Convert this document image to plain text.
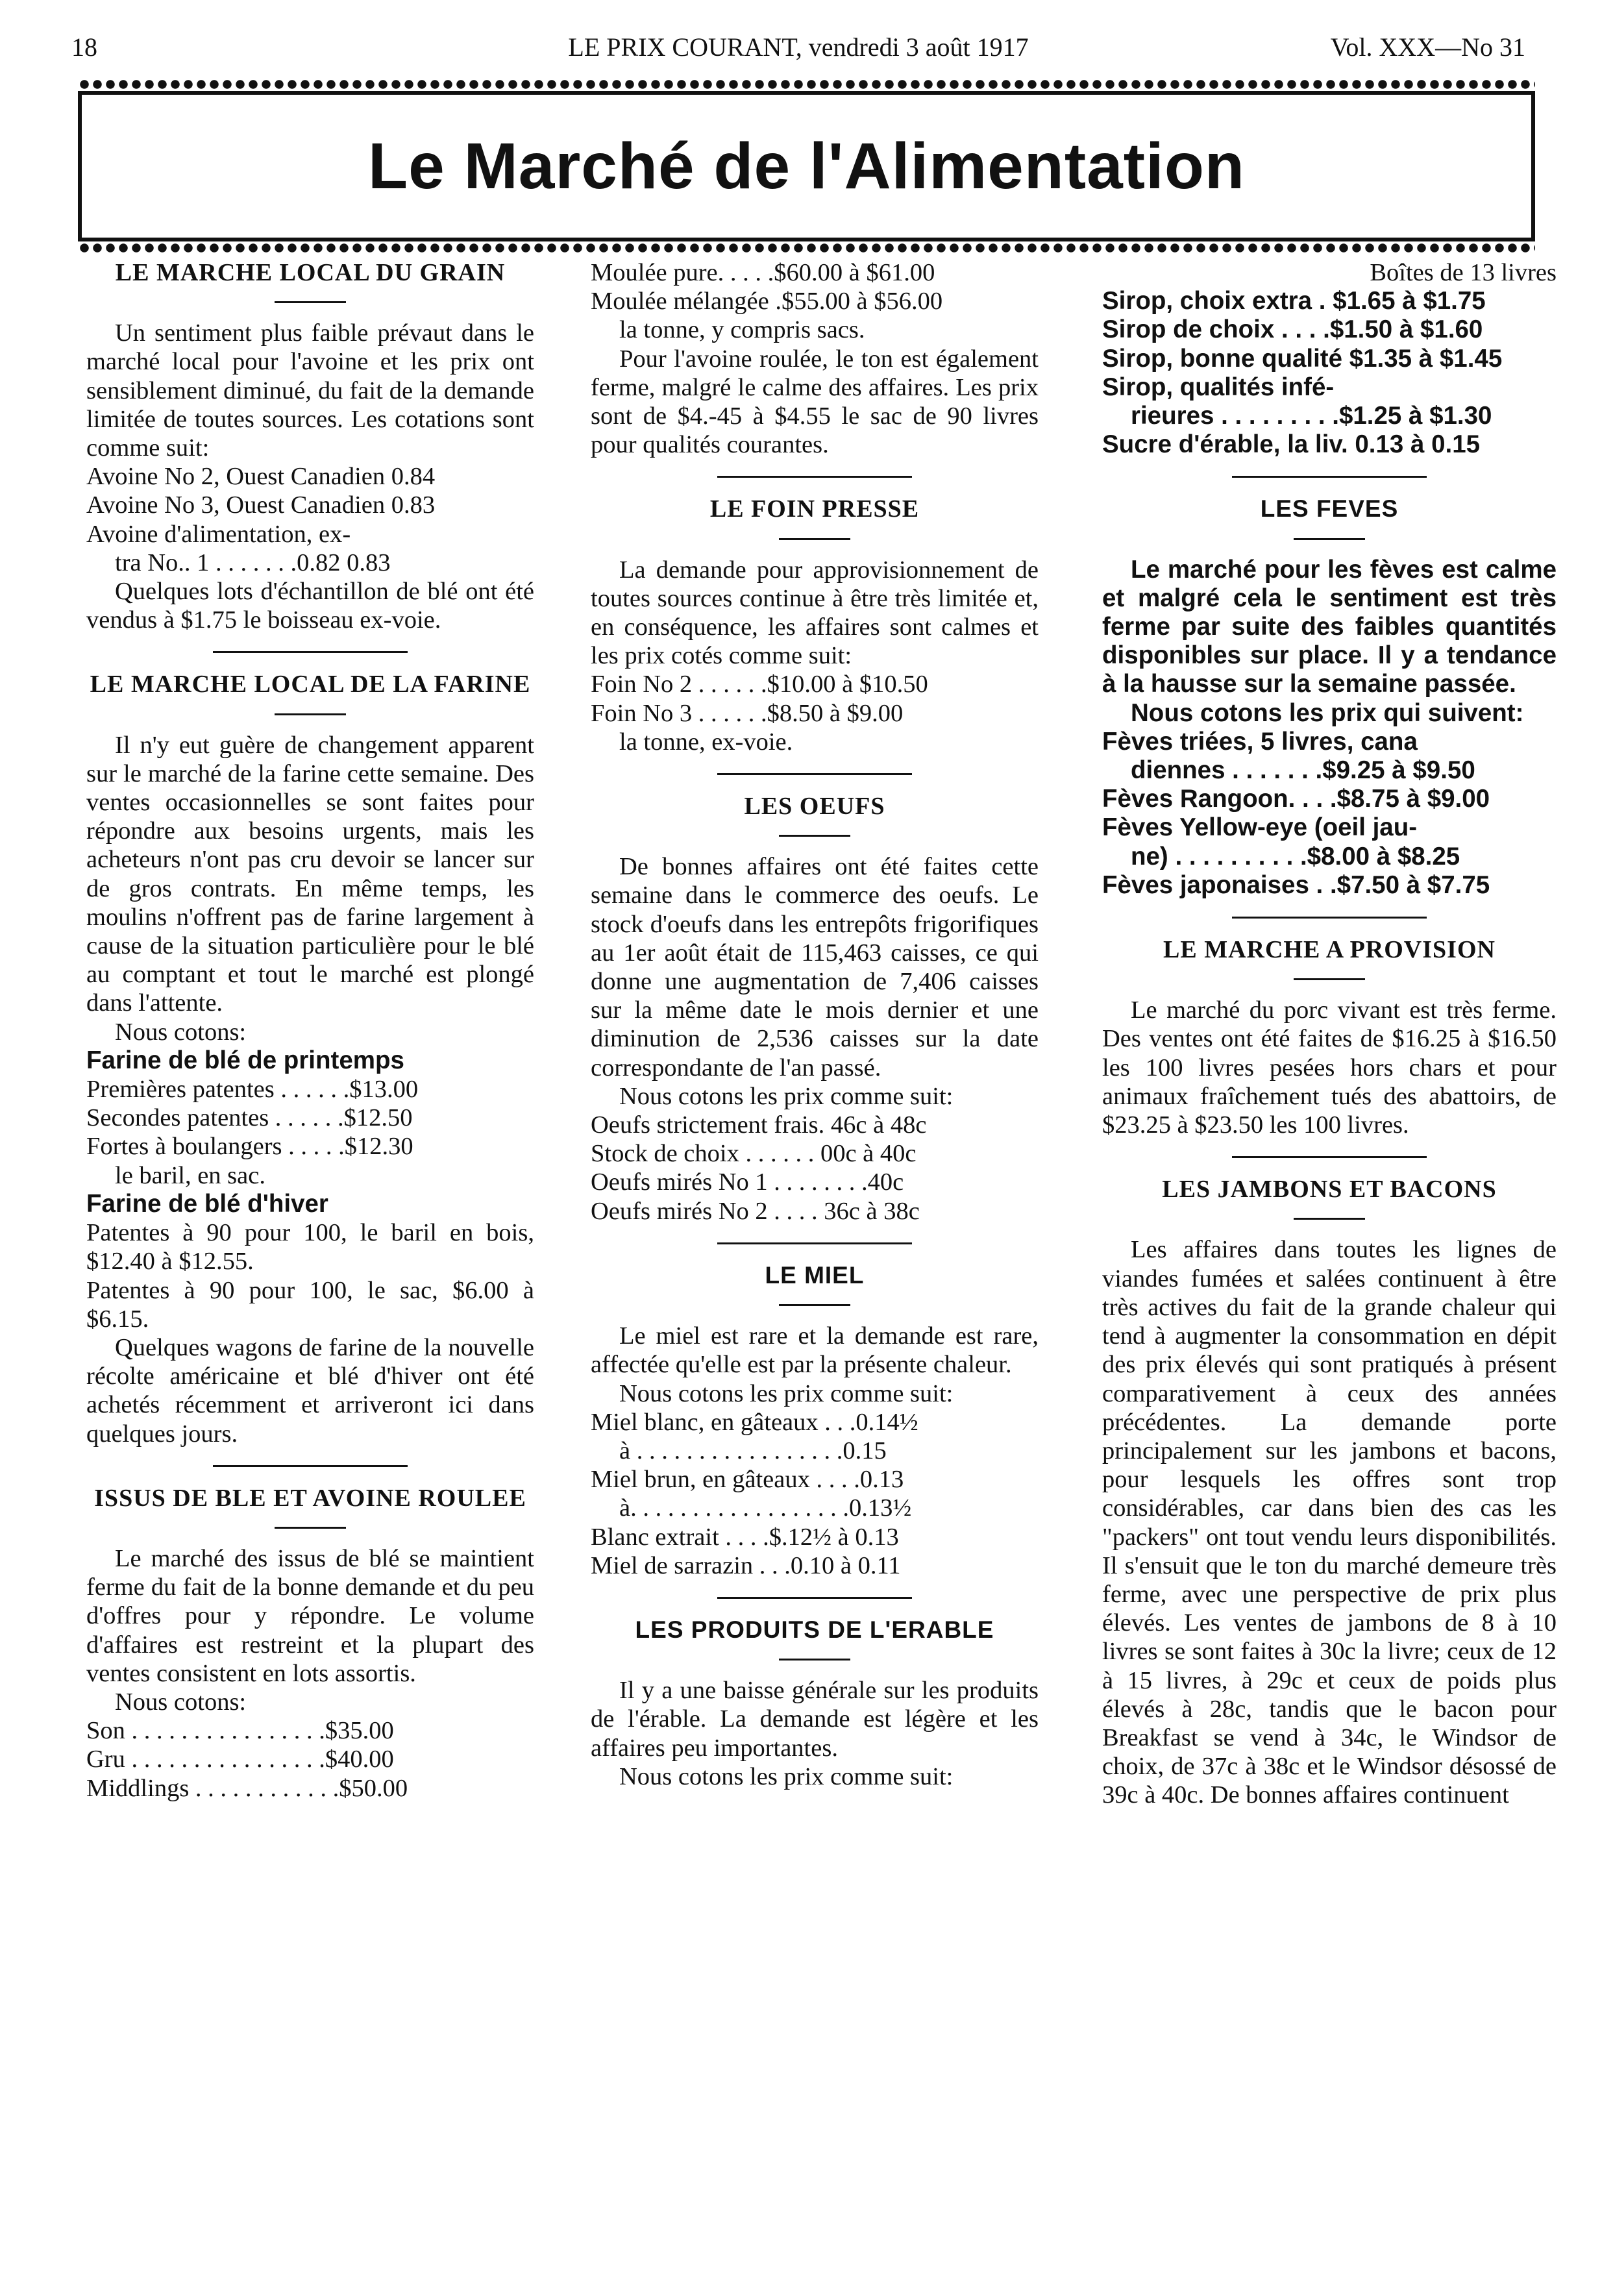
18	LE PRIX COURANT, vendredi 3 août 1917	Vol. XXX—No 31
Le Marché de l'Alimentation
LE MARCHE LOCAL DU GRAIN

Un sentiment plus faible prévaut dans le marché local pour l'avoine et les prix ont sensiblement diminué, du fait de la demande limitée de toutes sources. Les cotations sont comme suit:

Avoine No 2, Ouest Canadien 0.84
Avoine No 3, Ouest Canadien 0.83
Avoine d'alimentation, ex-
tra No.. 1 . . . . . . .0.82 0.83

Quelques lots d'échantillon de blé ont été vendus à $1.75 le boisseau ex-voie.

LE MARCHE LOCAL DE LA FARINE

Il n'y eut guère de changement apparent sur le marché de la farine cette semaine. Des ventes occasionnelles se sont faites pour répondre aux besoins urgents, mais les acheteurs n'ont pas cru devoir se lancer sur de gros contrats. En même temps, les moulins n'offrent pas de farine largement à cause de la situation particulière pour le blé au comptant et tout le marché est plongé dans l'attente.

Nous cotons:
Farine de blé de printemps
Premières patentes . . . . . .$13.00
Secondes patentes . . . . . .$12.50
Fortes à boulangers . . . . .$12.30
le baril, en sac.
Farine de blé d'hiver

Patentes à 90 pour 100, le baril en bois, $12.40 à $12.55.

Patentes à 90 pour 100, le sac, $6.00 à $6.15.

Quelques wagons de farine de la nouvelle récolte américaine et blé d'hiver ont été achetés récemment et arriveront ici dans quelques jours.

ISSUS DE BLE ET AVOINE ROULEE

Le marché des issus de blé se maintient ferme du fait de la bonne demande et du peu d'offres pour y répondre. Le volume d'affaires est restreint et la plupart des ventes consistent en lots assortis.

Nous cotons:
Son . . . . . . . . . . . . . . . .$35.00
Gru . . . . . . . . . . . . . . . .$40.00
Middlings . . . . . . . . . . . .$50.00
Moulée pure. . . . .$60.00 à $61.00
Moulée mélangée .$55.00 à $56.00
la tonne, y compris sacs.

Pour l'avoine roulée, le ton est également ferme, malgré le calme des affaires. Les prix sont de $4.-45 à $4.55 le sac de 90 livres pour qualités courantes.

LE FOIN PRESSE

La demande pour approvisionnement de toutes sources continue à être très limitée et, en conséquence, les affaires sont calmes et les prix cotés comme suit:

Foin No 2 . . . . . .$10.00 à $10.50
Foin No 3 . . . . . .$8.50 à $9.00
la tonne, ex-voie.
LES OEUFS

De bonnes affaires ont été faites cette semaine dans le commerce des oeufs. Le stock d'oeufs dans les entrepôts frigorifiques au 1er août était de 115,463 caisses, ce qui donne une augmentation de 7,406 caisses sur la même date le mois dernier et une diminution de 2,536 caisses sur la date correspondante de l'an passé.

Nous cotons les prix comme suit:

Oeufs strictement frais. 46c à 48c
Stock de choix . . . . . . 00c à 40c
Oeufs mirés No 1 . . . . . . . .40c
Oeufs mirés No 2 . . . . 36c à 38c
LE MIEL

Le miel est rare et la demande est rare, affectée qu'elle est par la présente chaleur.

Nous cotons les prix comme suit:

Miel blanc, en gâteaux . . .0.14½
à . . . . . . . . . . . . . . . . .0.15
Miel brun, en gâteaux . . . .0.13
à. . . . . . . . . . . . . . . . . .0.13½
Blanc extrait . . . .$.12½ à 0.13
Miel de sarrazin . . .0.10 à 0.11
LES PRODUITS DE L'ERABLE

Il y a une baisse générale sur les produits de l'érable. La demande est légère et les affaires peu importantes.

Nous cotons les prix comme suit:

Boîtes de 13 livres
Sirop, choix extra . $1.65 à $1.75
Sirop de choix . . . .$1.50 à $1.60
Sirop, bonne qualité $1.35 à $1.45
Sirop, qualités infé-
rieures . . . . . . . . .$1.25 à $1.30
Sucre d'érable, la liv. 0.13 à 0.15
LES FEVES

Le marché pour les fèves est calme et malgré cela le sentiment est très ferme par suite des faibles quantités disponibles sur place. Il y a tendance à la hausse sur la semaine passée.

Nous cotons les prix qui suivent:

Fèves triées, 5 livres, cana
diennes . . . . . . .$9.25 à $9.50
Fèves Rangoon. . . .$8.75 à $9.00
Fèves Yellow-eye (oeil jau-
ne) . . . . . . . . . .$8.00 à $8.25
Fèves japonaises . .$7.50 à $7.75
LE MARCHE A PROVISION

Le marché du porc vivant est très ferme. Des ventes ont été faites de $16.25 à $16.50 les 100 livres pesées hors chars et pour animaux fraîchement tués des abattoirs, de $23.25 à $23.50 les 100 livres.

LES JAMBONS ET BACONS

Les affaires dans toutes les lignes de viandes fumées et salées continuent à être très actives du fait de la grande chaleur qui tend à augmenter la consommation en dépit des prix élevés qui sont pratiqués à présent comparativement à ceux des années précédentes. La demande porte principalement sur les jambons et bacons, pour lesquels les offres sont trop considérables, car dans bien des cas les "packers" ont tout vendu leurs disponibilités. Il s'ensuit que le ton du marché demeure très ferme, avec une perspective de prix plus élevés. Les ventes de jambons de 8 à 10 livres se sont faites à 30c la livre; ceux de 12 à 15 livres, à 29c et ceux de poids plus élevés à 28c, tandis que le bacon pour Breakfast se vend à 34c, le Windsor de choix, de 37c à 38c et le Windsor désossé de 39c à 40c. De bonnes affaires continuent
